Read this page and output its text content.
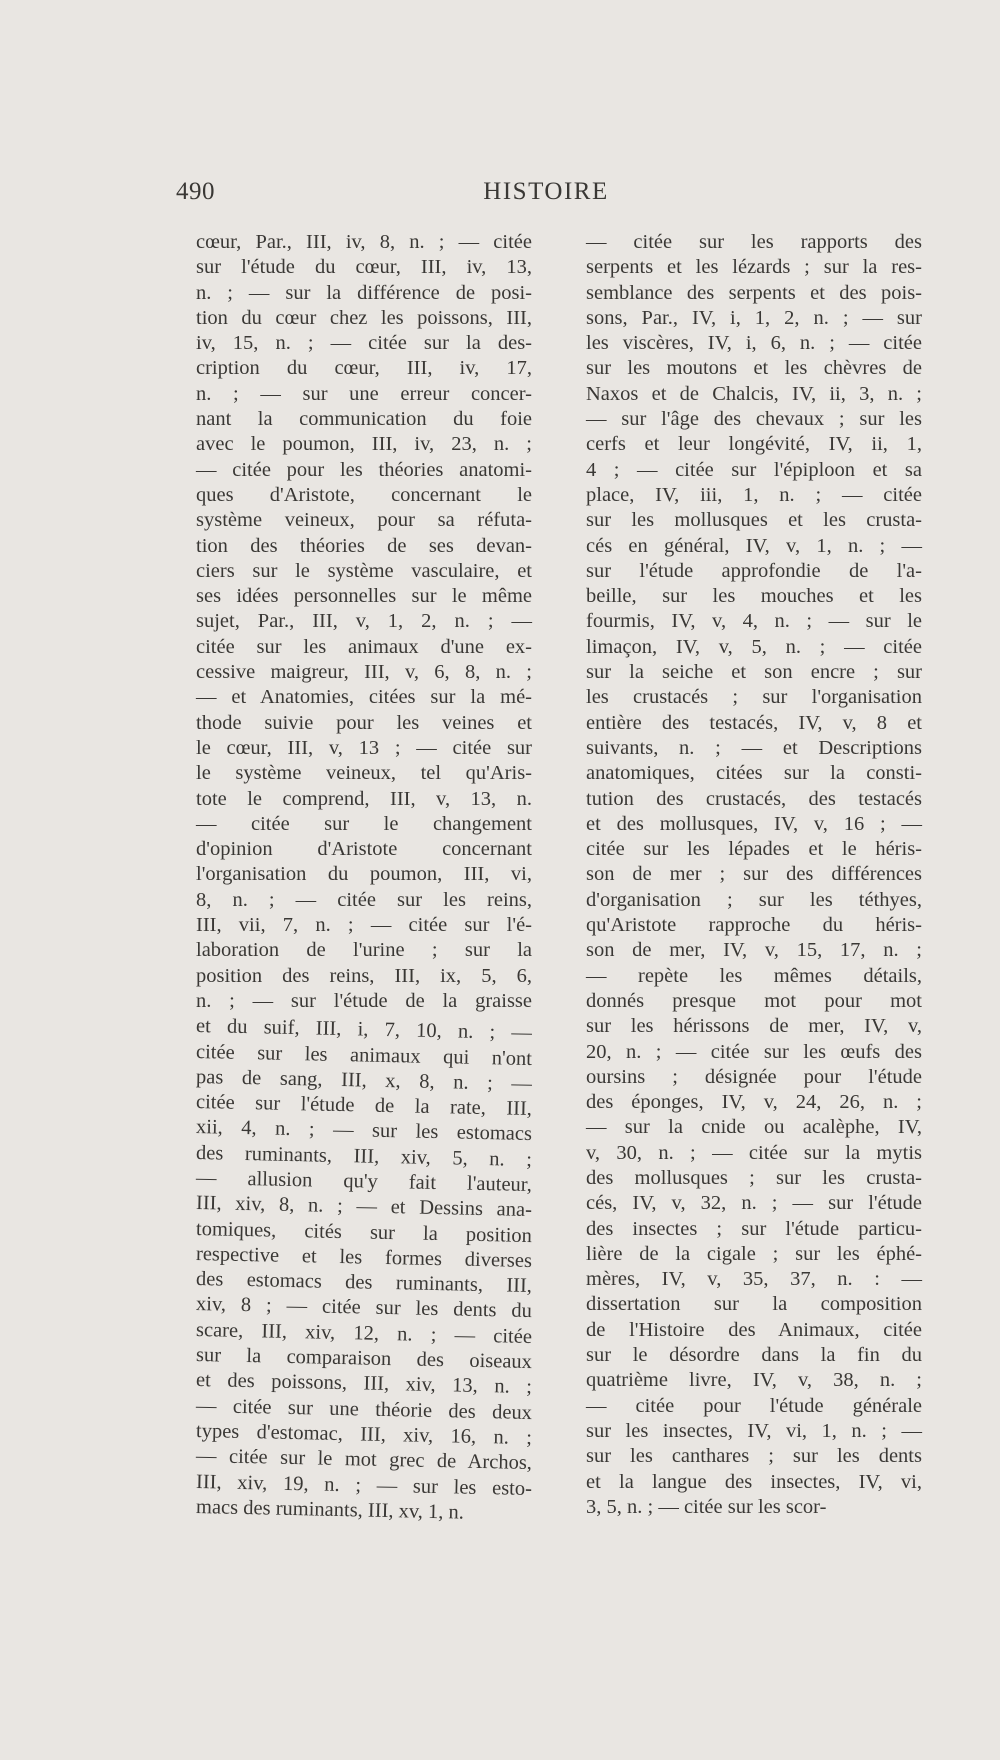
490	HISTOIRE
cœur, Par., III, iv, 8, n. ; — citée
sur l'étude du cœur, III, iv, 13,
n. ; — sur la différence de posi-
tion du cœur chez les poissons, III,
iv, 15, n. ; — citée sur la des-
cription du cœur, III, iv, 17,
n. ; — sur une erreur concer-
nant la communication du foie
avec le poumon, III, iv, 23, n. ;
— citée pour les théories anatomi-
ques d'Aristote, concernant le
système veineux, pour sa réfuta-
tion des théories de ses devan-
ciers sur le système vasculaire, et
ses idées personnelles sur le même
sujet, Par., III, v, 1, 2, n. ; —
citée sur les animaux d'une ex-
cessive maigreur, III, v, 6, 8, n. ;
— et Anatomies, citées sur la mé-
thode suivie pour les veines et
le cœur, III, v, 13 ; — citée sur
le système veineux, tel qu'Aris-
tote le comprend, III, v, 13, n.
— citée sur le changement
d'opinion d'Aristote concernant
l'organisation du poumon, III, vi,
8, n. ; — citée sur les reins,
III, vii, 7, n. ; — citée sur l'é-
laboration de l'urine ; sur la
position des reins, III, ix, 5, 6,
n. ; — sur l'étude de la graisse
et du suif, III, i, 7, 10, n. ; —
citée sur les animaux qui n'ont
pas de sang, III, x, 8, n. ; —
citée sur l'étude de la rate, III,
xii, 4, n. ; — sur les estomacs
des ruminants, III, xiv, 5, n. ;
— allusion qu'y fait l'auteur,
III, xiv, 8, n. ; — et Dessins ana-
tomiques, cités sur la position
respective et les formes diverses
des estomacs des ruminants, III,
xiv, 8 ; — citée sur les dents du
scare, III, xiv, 12, n. ; — citée
sur la comparaison des oiseaux
et des poissons, III, xiv, 13, n. ;
— citée sur une théorie des deux
types d'estomac, III, xiv, 16, n. ;
— citée sur le mot grec de Archos,
III, xiv, 19, n. ; — sur les esto-
macs des ruminants, III, xv, 1, n.
— citée sur les rapports des
serpents et les lézards ; sur la res-
semblance des serpents et des pois-
sons, Par., IV, i, 1, 2, n. ; — sur
les viscères, IV, i, 6, n. ; — citée
sur les moutons et les chèvres de
Naxos et de Chalcis, IV, ii, 3, n. ;
— sur l'âge des chevaux ; sur les
cerfs et leur longévité, IV, ii, 1,
4 ; — citée sur l'épiploon et sa
place, IV, iii, 1, n. ; — citée
sur les mollusques et les crusta-
cés en général, IV, v, 1, n. ; —
sur l'étude approfondie de l'a-
beille, sur les mouches et les
fourmis, IV, v, 4, n. ; — sur le
limaçon, IV, v, 5, n. ; — citée
sur la seiche et son encre ; sur
les crustacés ; sur l'organisation
entière des testacés, IV, v, 8 et
suivants, n. ; — et Descriptions
anatomiques, citées sur la consti-
tution des crustacés, des testacés
et des mollusques, IV, v, 16 ; —
citée sur les lépades et le héris-
son de mer ; sur des différences
d'organisation ; sur les téthyes,
qu'Aristote rapproche du héris-
son de mer, IV, v, 15, 17, n. ;
— repète les mêmes détails,
donnés presque mot pour mot
sur les hérissons de mer, IV, v,
20, n. ; — citée sur les œufs des
oursins ; désignée pour l'étude
des éponges, IV, v, 24, 26, n. ;
— sur la cnide ou acalèphe, IV,
v, 30, n. ; — citée sur la mytis
des mollusques ; sur les crusta-
cés, IV, v, 32, n. ; — sur l'étude
des insectes ; sur l'étude particu-
lière de la cigale ; sur les éphé-
mères, IV, v, 35, 37, n. : —
dissertation sur la composition
de l'Histoire des Animaux, citée
sur le désordre dans la fin du
quatrième livre, IV, v, 38, n. ;
— citée pour l'étude générale
sur les insectes, IV, vi, 1, n. ; —
sur les canthares ; sur les dents
et la langue des insectes, IV, vi,
3, 5, n. ; — citée sur les scor-
